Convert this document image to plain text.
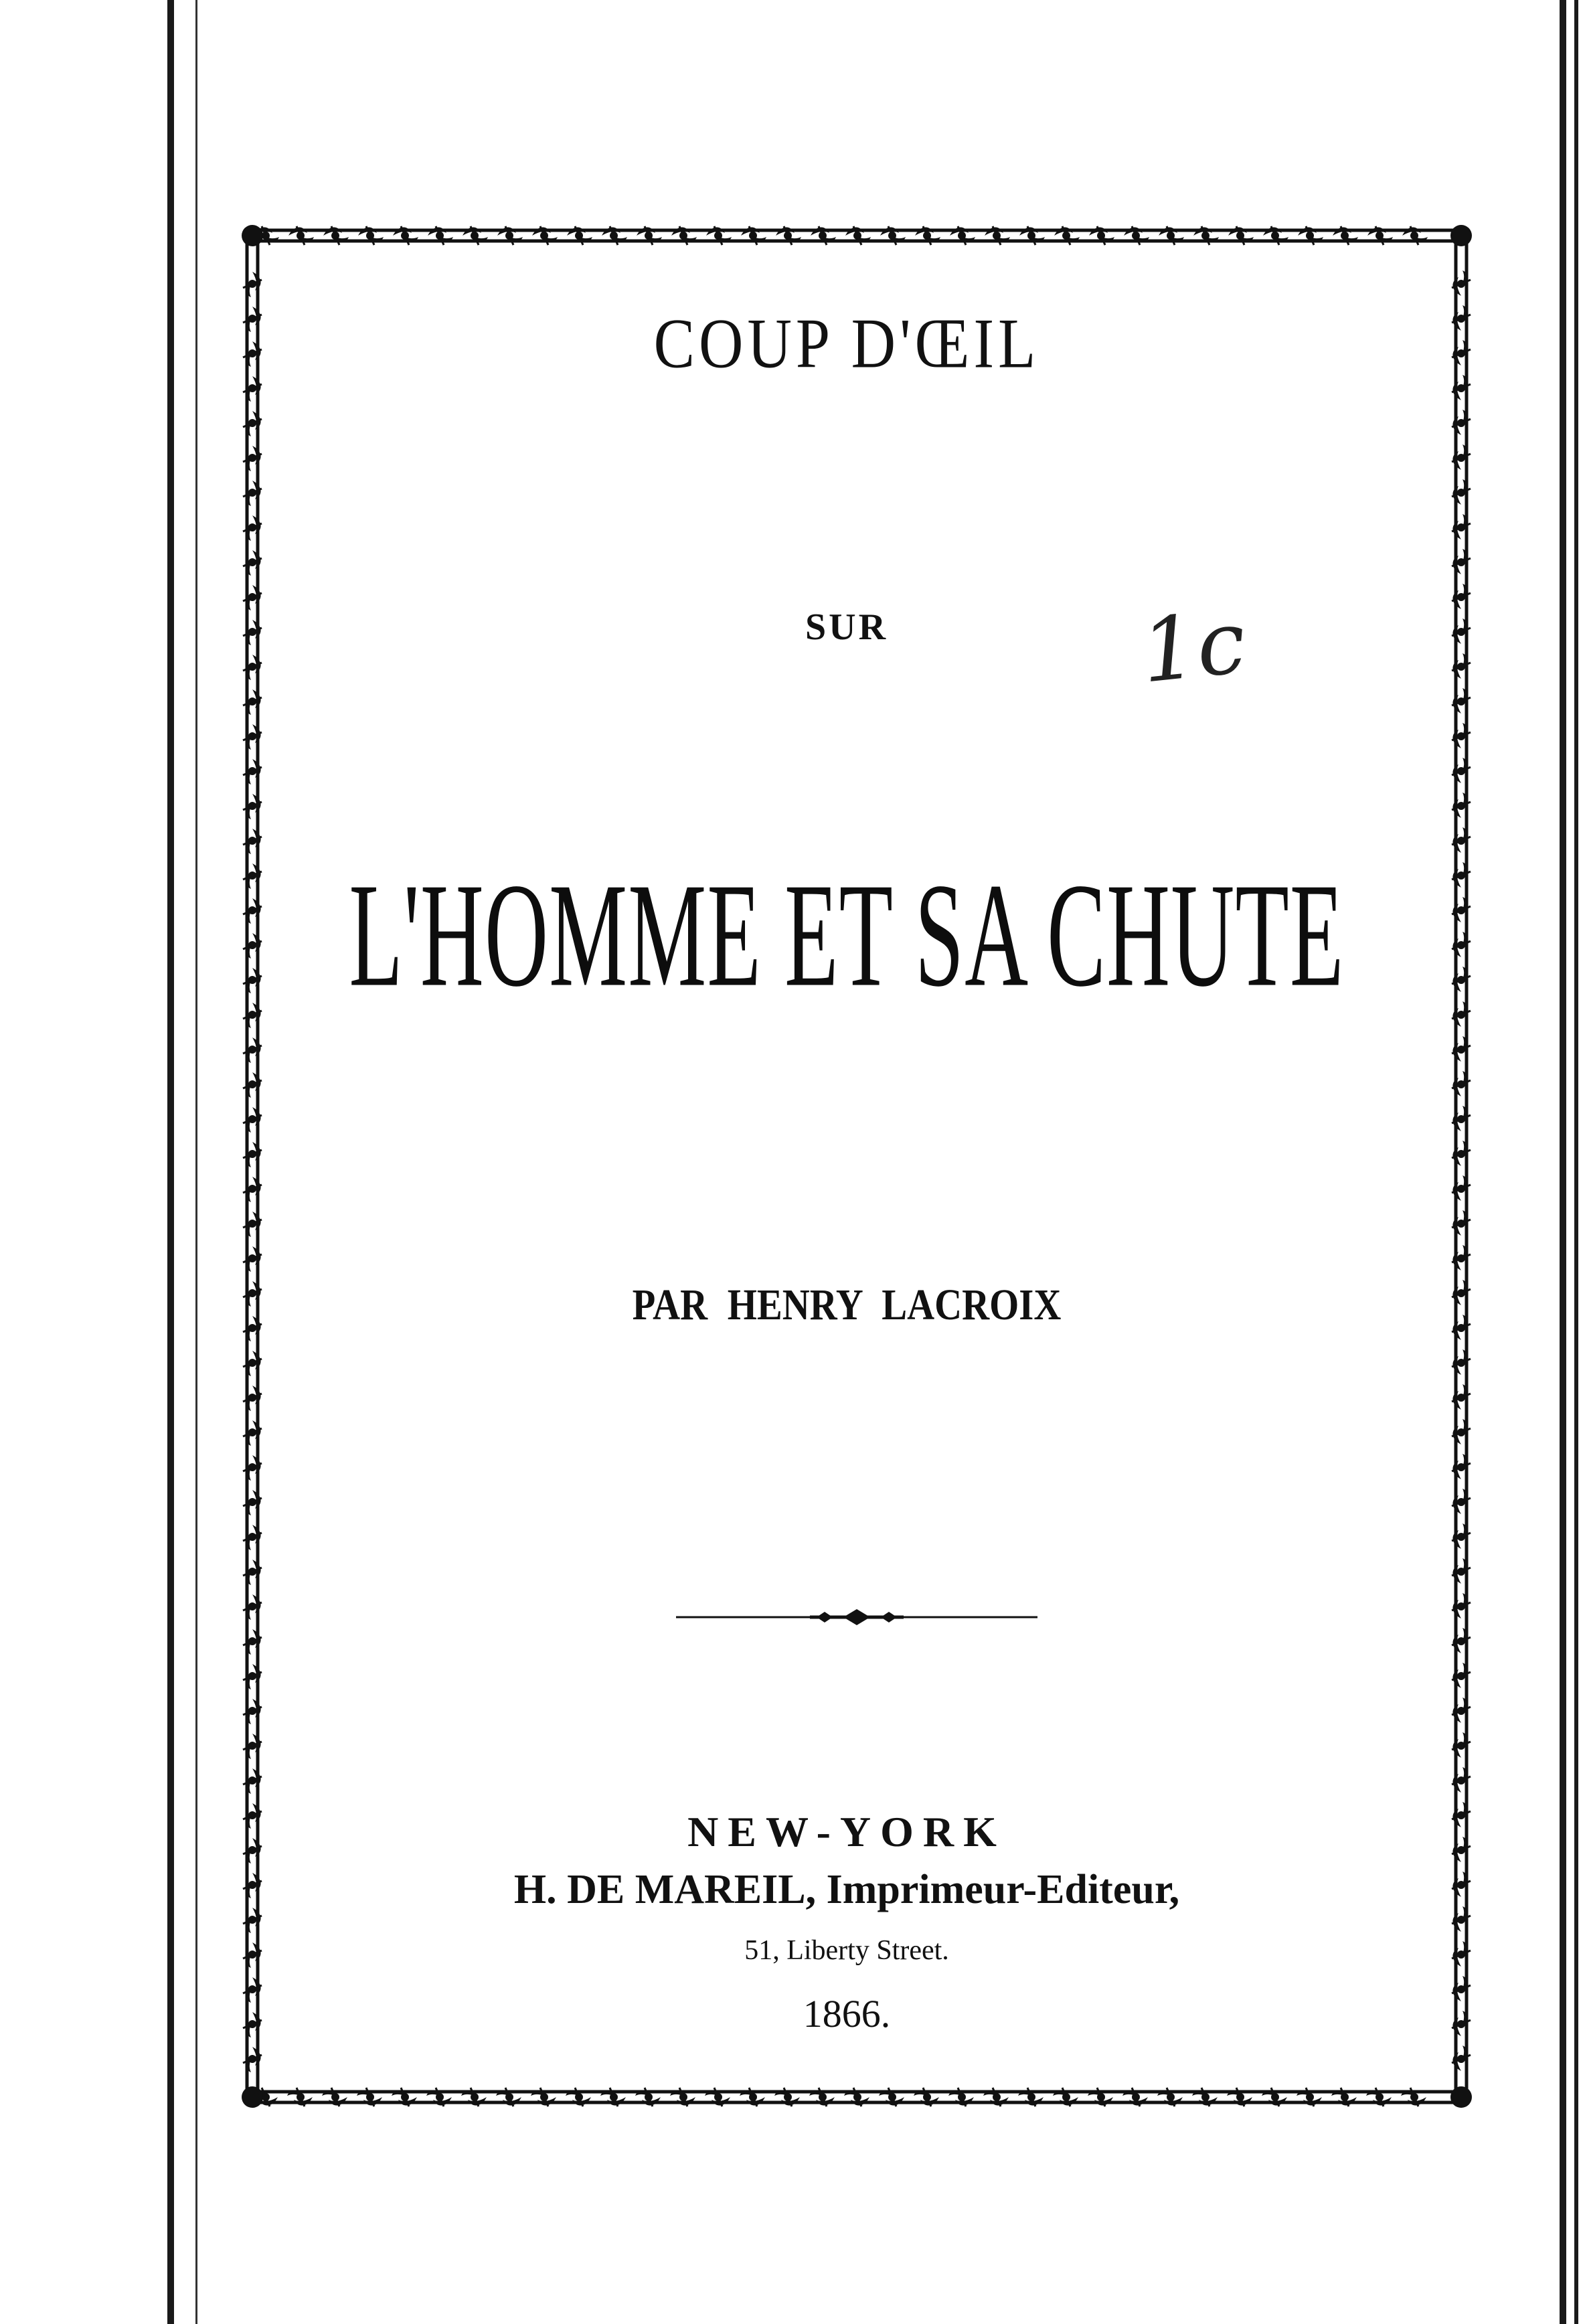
COUP D'ŒIL
SUR	1c
L'HOMME ET SA CHUTE
PAR HENRY LACROIX
NEW-YORK
H. DE MAREIL, Imprimeur-Editeur,
51, Liberty Street.
1866.
